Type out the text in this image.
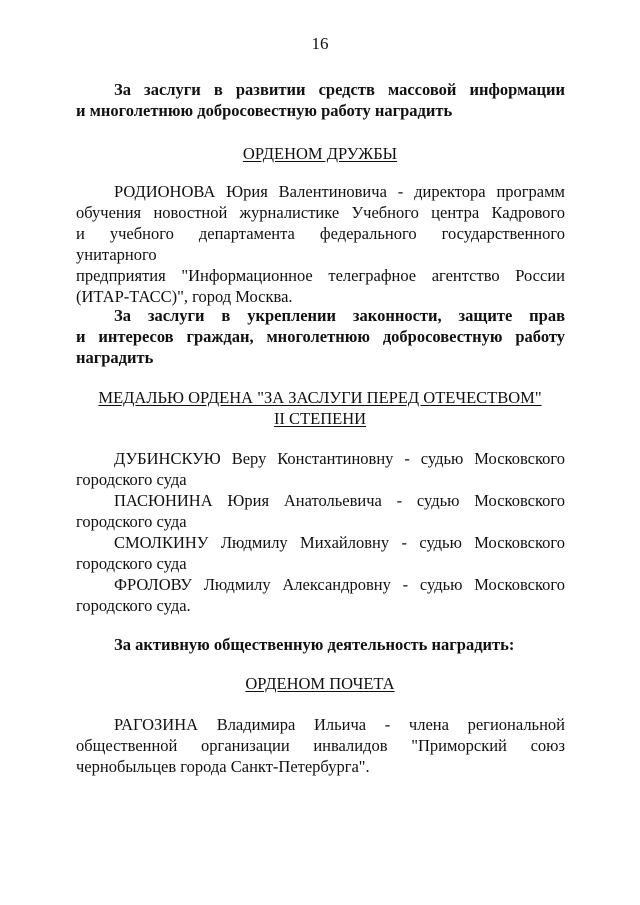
16
За заслуги в развитии средств массовой информации
и многолетнюю добросовестную работу наградить
ОРДЕНОМ ДРУЖБЫ
РОДИОНОВА Юрия Валентиновича - директора программ
обучения новостной журналистике Учебного центра Кадрового
и учебного департамента федерального государственного унитарного
предприятия "Информационное телеграфное агентство России
(ИТАР-ТАСС)", город Москва.
За заслуги в укреплении законности, защите прав
и интересов граждан, многолетнюю добросовестную работу
наградить
МЕДАЛЬЮ ОРДЕНА "ЗА ЗАСЛУГИ ПЕРЕД ОТЕЧЕСТВОМ"
II СТЕПЕНИ
ДУБИНСКУЮ Веру Константиновну - судью Московского
городского суда
ПАСЮНИНА Юрия Анатольевича - судью Московского
городского суда
СМОЛКИНУ Людмилу Михайловну - судью Московского
городского суда
ФРОЛОВУ Людмилу Александровну - судью Московского
городского суда.
За активную общественную деятельность наградить:
ОРДЕНОМ ПОЧЕТА
РАГОЗИНА Владимира Ильича - члена региональной
общественной организации инвалидов "Приморский союз
чернобыльцев города Санкт-Петербурга".
